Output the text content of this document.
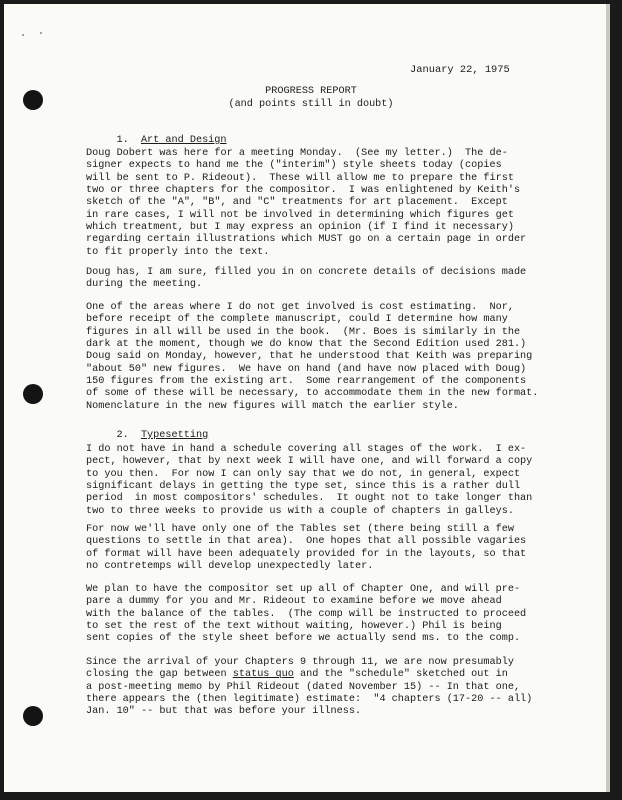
January 22, 1975
PROGRESS REPORT
(and points still in doubt)

1. Art and Design

Doug Dobert was here for a meeting Monday.  (See my letter.)  The de-
signer expects to hand me the ("interim") style sheets today (copies
will be sent to P. Rideout).  These will allow me to prepare the first
two or three chapters for the compositor.  I was enlightened by Keith's
sketch of the "A", "B", and "C" treatments for art placement.  Except
in rare cases, I will not be involved in determining which figures get
which treatment, but I may express an opinion (if I find it necessary)
regarding certain illustrations which MUST go on a certain page in order
to fit properly into the text.
Doug has, I am sure, filled you in on concrete details of decisions made
during the meeting.
One of the areas where I do not get involved is cost estimating.  Nor,
before receipt of the complete manuscript, could I determine how many
figures in all will be used in the book.  (Mr. Boes is similarly in the
dark at the moment, though we do know that the Second Edition used 281.)
Doug said on Monday, however, that he understood that Keith was preparing
"about 50" new figures.  We have on hand (and have now placed with Doug)
150 figures from the existing art.  Some rearrangement of the components
of some of these will be necessary, to accommodate them in the new format.
Nomenclature in the new figures will match the earlier style.

2. Typesetting

I do not have in hand a schedule covering all stages of the work.  I ex-
pect, however, that by next week I will have one, and will forward a copy
to you then.  For now I can only say that we do not, in general, expect
significant delays in getting the type set, since this is a rather dull
period  in most compositors' schedules.  It ought not to take longer than
two to three weeks to provide us with a couple of chapters in galleys.
For now we'll have only one of the Tables set (there being still a few
questions to settle in that area).  One hopes that all possible vagaries
of format will have been adequately provided for in the layouts, so that
no contretemps will develop unexpectedly later.
We plan to have the compositor set up all of Chapter One, and will pre-
pare a dummy for you and Mr. Rideout to examine before we move ahead
with the balance of the tables.  (The comp will be instructed to proceed
to set the rest of the text without waiting, however.) Phil is being
sent copies of the style sheet before we actually send ms. to the comp.
Since the arrival of your Chapters 9 through 11, we are now presumably
closing the gap between status quo and the "schedule" sketched out in
a post-meeting memo by Phil Rideout (dated November 15) -- In that one,
there appears the (then legitimate) estimate:  "4 chapters (17-20 -- all)
Jan. 10" -- but that was before your illness.
